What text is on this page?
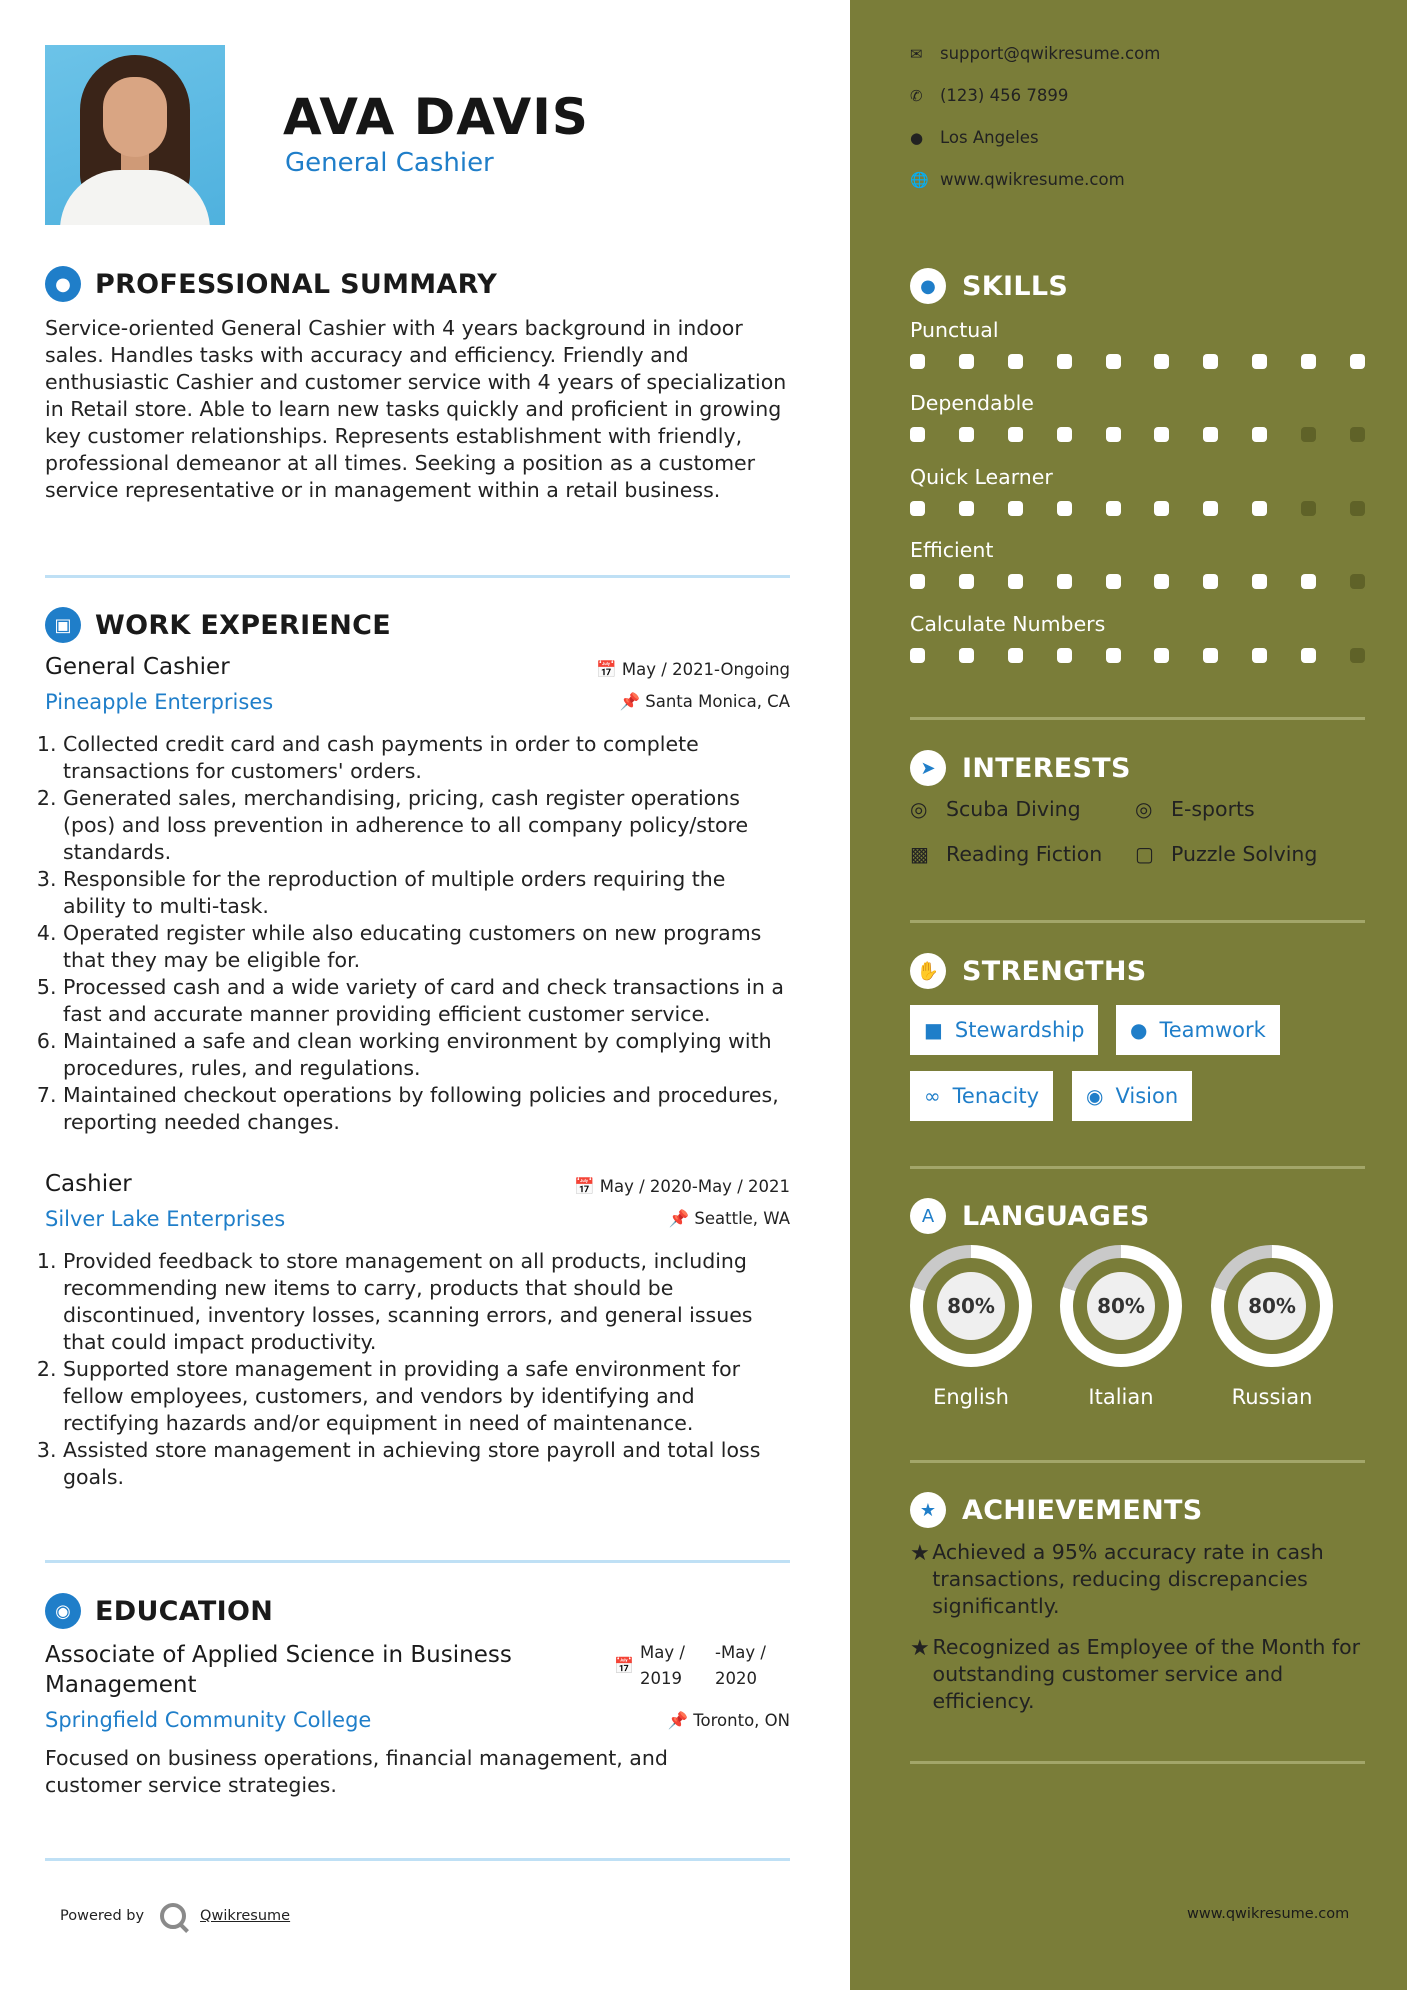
AVA DAVIS
General Cashier
● PROFESSIONAL SUMMARY
Service-oriented General Cashier with 4 years background in indoor sales. Handles tasks with accuracy and efficiency. Friendly and enthusiastic Cashier and customer service with 4 years of specialization in Retail store. Able to learn new tasks quickly and proficient in growing key customer relationships. Represents establishment with friendly, professional demeanor at all times. Seeking a position as a customer service representative or in management within a retail business.
▣ WORK EXPERIENCE
General Cashier
Pineapple Enterprises
📅 May / 2021-Ongoing
📌 Santa Monica, CA
1. Collected credit card and cash payments in order to complete transactions for customers' orders.
2. Generated sales, merchandising, pricing, cash register operations (pos) and loss prevention in adherence to all company policy/store standards.
3. Responsible for the reproduction of multiple orders requiring the ability to multi-task.
4. Operated register while also educating customers on new programs that they may be eligible for.
5. Processed cash and a wide variety of card and check transactions in a fast and accurate manner providing efficient customer service.
6. Maintained a safe and clean working environment by complying with procedures, rules, and regulations.
7. Maintained checkout operations by following policies and procedures, reporting needed changes.
Cashier
Silver Lake Enterprises
📅 May / 2020-May / 2021
📌 Seattle, WA
1. Provided feedback to store management on all products, including recommending new items to carry, products that should be discontinued, inventory losses, scanning errors, and general issues that could impact productivity.
2. Supported store management in providing a safe environment for fellow employees, customers, and vendors by identifying and rectifying hazards and/or equipment in need of maintenance.
3. Assisted store management in achieving store payroll and total loss goals.
◉ EDUCATION
Associate of Applied Science in Business Management
📅
May /
2019
-May /
2020
Springfield Community College	📌 Toronto, ON
Focused on business operations, financial management, and customer service strategies.
Powered by	Qwikresume
✉	support@qwikresume.com
✆	(123) 456 7899
●	Los Angeles
🌐 www.qwikresume.com
● SKILLS
Punctual
Dependable
Quick Learner
Efficient
Calculate Numbers
➤ INTERESTS
◎ Scuba Diving	◎ E-sports
▩ Reading Fiction ▢ Puzzle Solving
✋ STRENGTHS
■ Stewardship ● Teamwork
∞ Tenacity ◉ Vision
A	LANGUAGES
80%
English
80%
Italian
80%
Russian
★ ACHIEVEMENTS
★ Achieved a 95% accuracy rate in cash transactions, reducing discrepancies significantly.
★ Recognized as Employee of the Month for outstanding customer service and efficiency.
www.qwikresume.com
